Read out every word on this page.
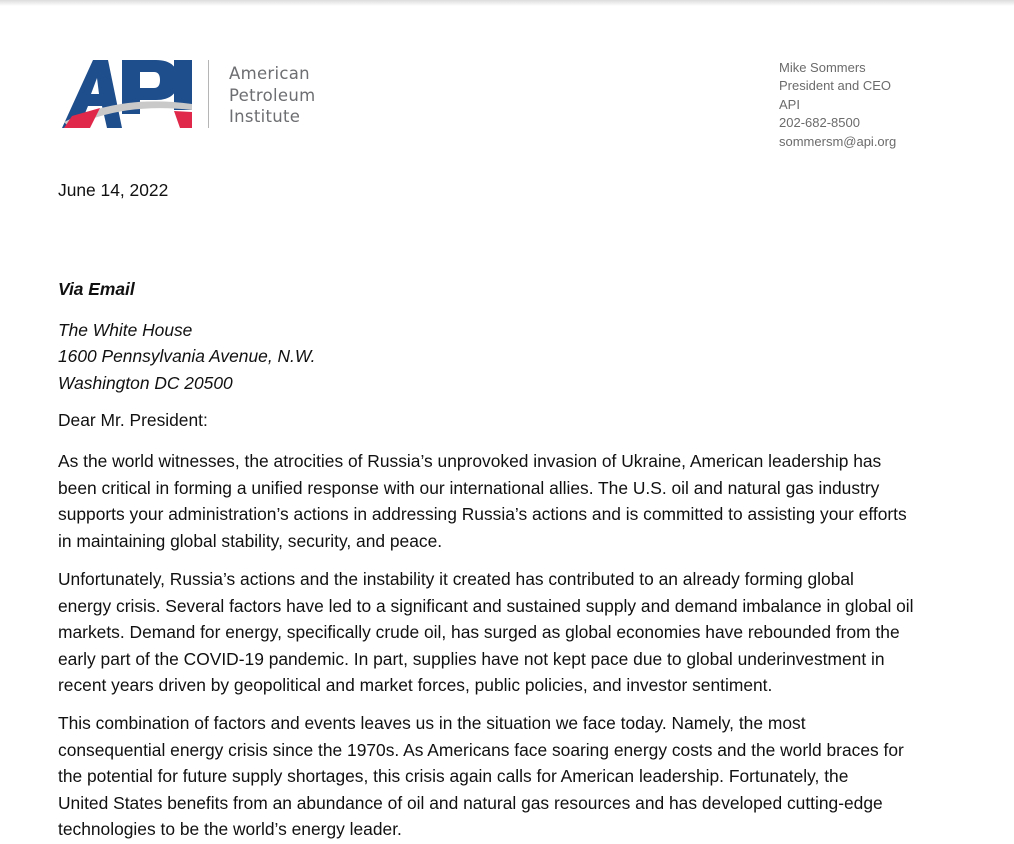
American
Petroleum
Institute
Mike Sommers
President and CEO
API
202-682-8500
sommersm@api.org
June 14, 2022
Via Email
The White House
1600 Pennsylvania Avenue, N.W.
Washington DC 20500
Dear Mr. President:
As the world witnesses, the atrocities of Russia’s unprovoked invasion of Ukraine, American leadership has
been critical in forming a unified response with our international allies. The U.S. oil and natural gas industry
supports your administration’s actions in addressing Russia’s actions and is committed to assisting your efforts
in maintaining global stability, security, and peace.
Unfortunately, Russia’s actions and the instability it created has contributed to an already forming global
energy crisis. Several factors have led to a significant and sustained supply and demand imbalance in global oil
markets. Demand for energy, specifically crude oil, has surged as global economies have rebounded from the
early part of the COVID-19 pandemic. In part, supplies have not kept pace due to global underinvestment in
recent years driven by geopolitical and market forces, public policies, and investor sentiment.
This combination of factors and events leaves us in the situation we face today. Namely, the most
consequential energy crisis since the 1970s. As Americans face soaring energy costs and the world braces for
the potential for future supply shortages, this crisis again calls for American leadership. Fortunately, the
United States benefits from an abundance of oil and natural gas resources and has developed cutting-edge
technologies to be the world’s energy leader.
